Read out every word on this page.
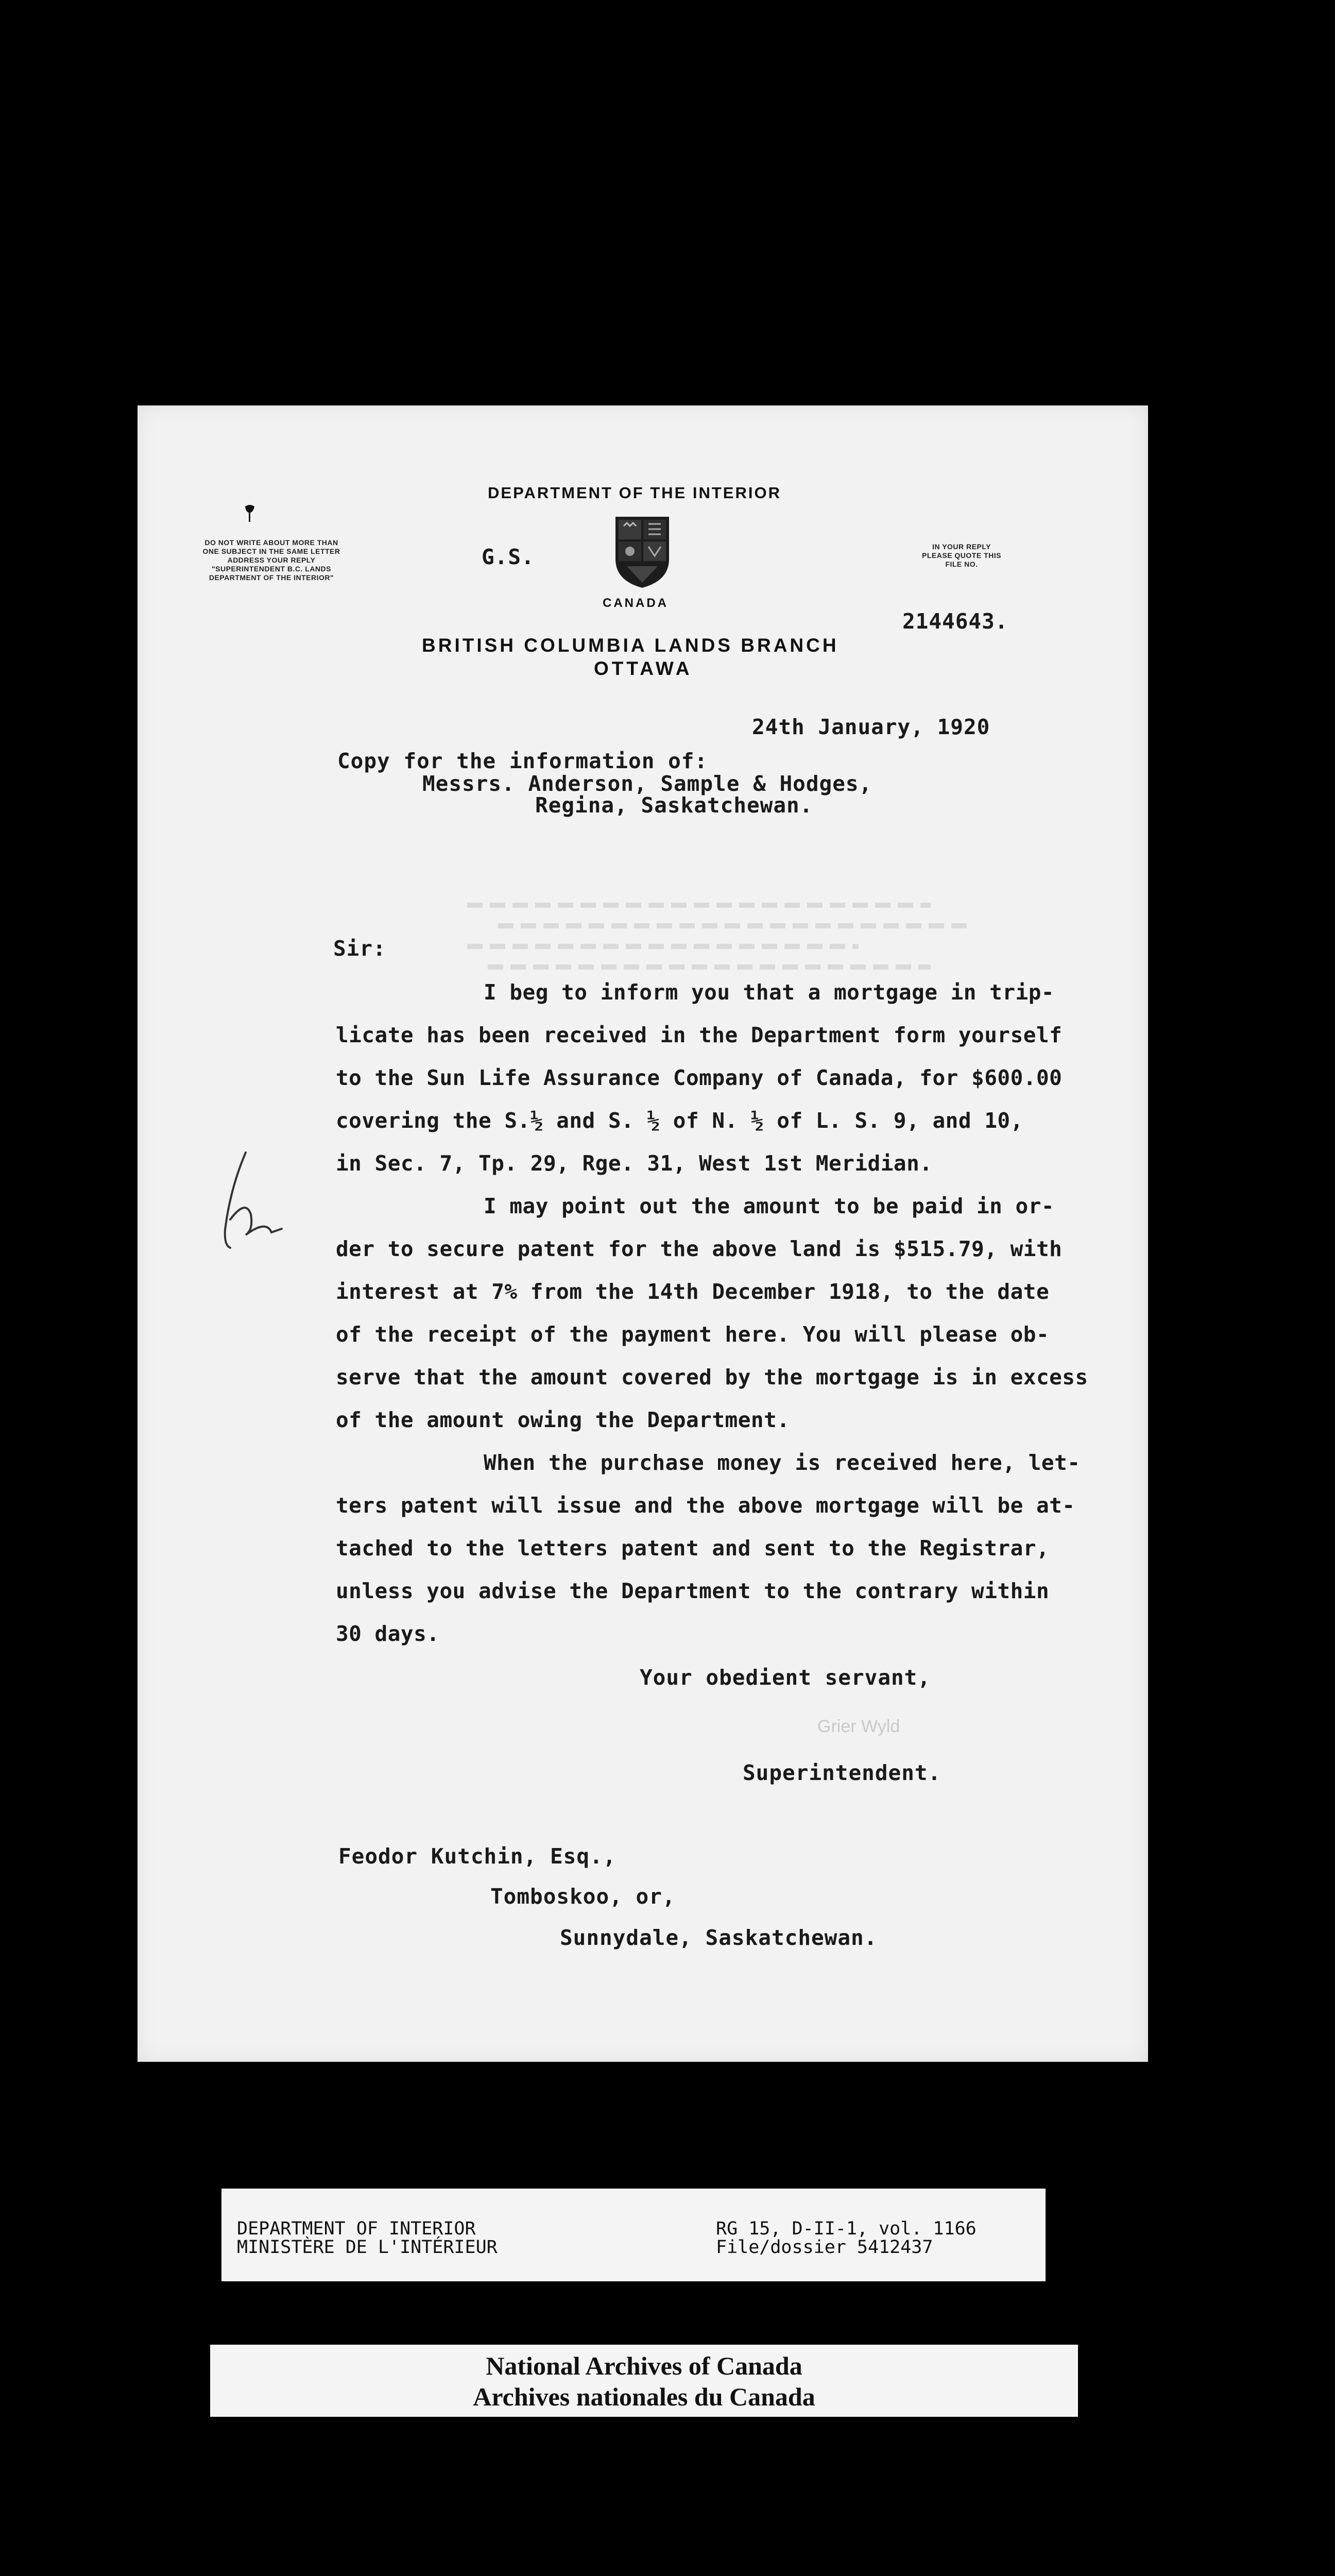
DEPARTMENT OF THE INTERIOR
DO NOT WRITE ABOUT MORE THAN
ONE SUBJECT IN THE SAME LETTER
ADDRESS YOUR REPLY
"SUPERINTENDENT B.C. LANDS
DEPARTMENT OF THE INTERIOR"
G.S.
CANADA
IN YOUR REPLY
PLEASE QUOTE THIS
FILE NO.
2144643.
BRITISH COLUMBIA LANDS BRANCH
OTTAWA
24th January, 1920
Copy for the information of:
Messrs. Anderson, Sample & Hodges,
Regina, Saskatchewan.
Sir:
I beg to inform you that a mortgage in trip-
licate has been received in the Department form yourself
to the Sun Life Assurance Company of Canada, for $600.00
covering the S.½ and S. ½ of N. ½ of L. S. 9, and 10,
in Sec. 7, Tp. 29, Rge. 31, West 1st Meridian.
I may point out the amount to be paid in or-
der to secure patent for the above land is $515.79, with
interest at 7% from the 14th December 1918, to the date
of the receipt of the payment here. You will please ob-
serve that the amount covered by the mortgage is in excess
of the amount owing the Department.
When the purchase money is received here, let-
ters patent will issue and the above mortgage will be at-
tached to the letters patent and sent to the Registrar,
unless you advise the Department to the contrary within
30 days.
Your obedient servant,
Grier Wyld
Superintendent.
Feodor Kutchin, Esq.,
Tomboskoo, or,
Sunnydale, Saskatchewan.
DEPARTMENT OF INTERIOR
MINISTÈRE DE L'INTÉRIEUR
RG 15, D-II-1, vol. 1166
File/dossier 5412437
National Archives of Canada
Archives nationales du Canada
